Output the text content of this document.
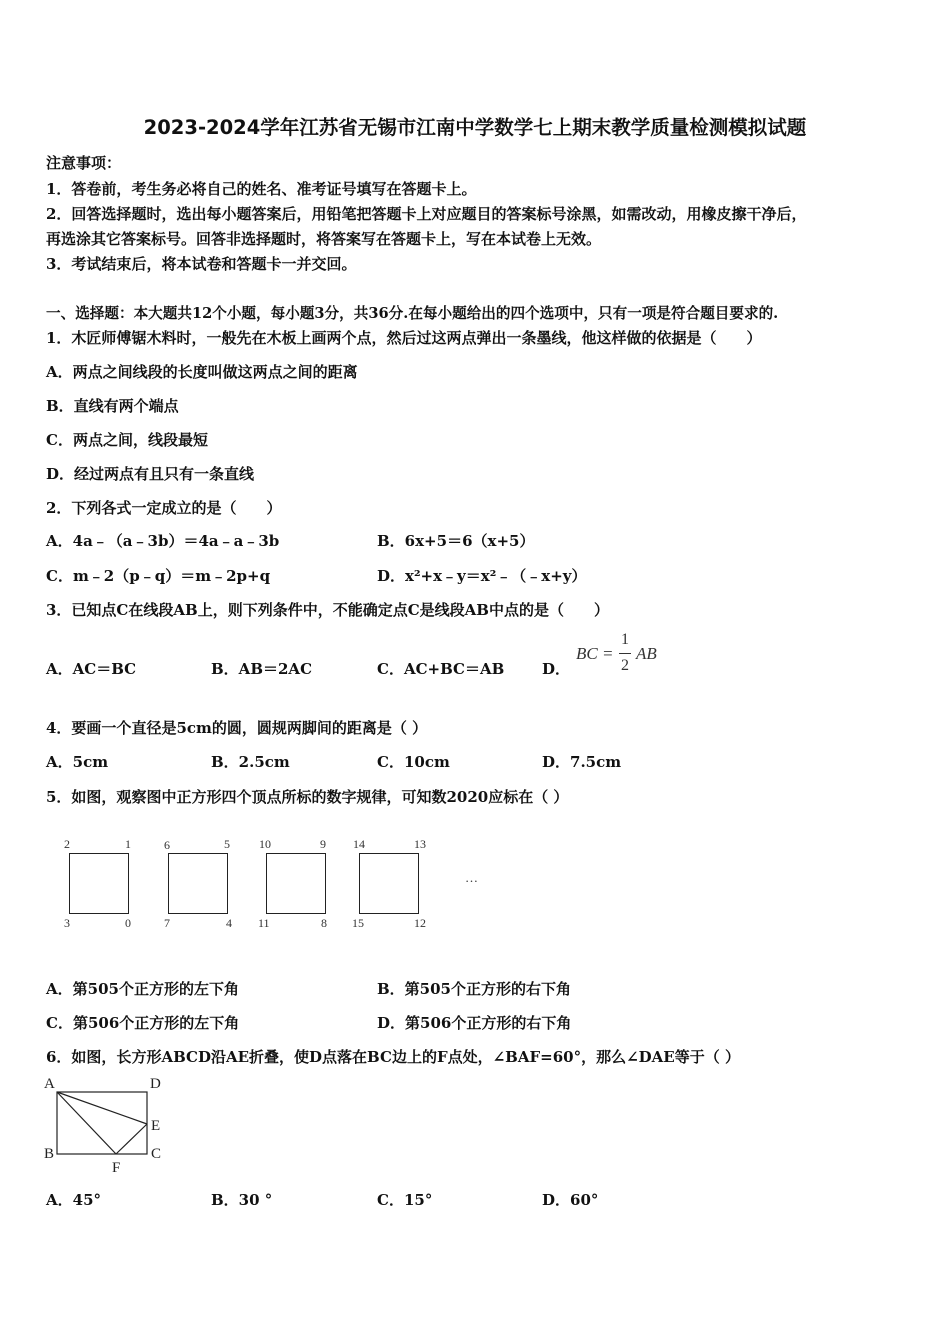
2023-2024学年江苏省无锡市江南中学数学七上期末教学质量检测模拟试题
注意事项：
1．答卷前，考生务必将自己的姓名、准考证号填写在答题卡上。
2．回答选择题时，选出每小题答案后，用铅笔把答题卡上对应题目的答案标号涂黑，如需改动，用橡皮擦干净后，
再选涂其它答案标号。回答非选择题时，将答案写在答题卡上，写在本试卷上无效。
3．考试结束后，将本试卷和答题卡一并交回。
一、选择题：本大题共12个小题，每小题3分，共36分.在每小题给出的四个选项中，只有一项是符合题目要求的.
1．木匠师傅锯木料时，一般先在木板上画两个点，然后过这两点弹出一条墨线，他这样做的依据是（　　）
A．两点之间线段的长度叫做这两点之间的距离
B．直线有两个端点
C．两点之间，线段最短
D．经过两点有且只有一条直线
2．下列各式一定成立的是（　　）
A．4a﹣（a﹣3b）＝4a﹣a﹣3b	B．6x+5＝6（x+5）
C．m﹣2（p﹣q）＝m﹣2p+q	D．x²+x﹣y＝x²﹣（﹣x+y）
3．已知点C在线段AB上，则下列条件中，不能确定点C是线段AB中点的是（　　）
A．AC＝BC	B．AB＝2AC	C．AC+BC＝AB	D．
BC =
1
2
AB
4．要画一个直径是5cm的圆，圆规两脚间的距离是（ ）
A．5cm	B．2.5cm	C．10cm	D．7.5cm
5．如图，观察图中正方形四个顶点所标的数字规律，可知数2020应标在（ ）
2	1
3	0
6	5
7	4
10	9
11	8
14	13
15	12
…
A．第505个正方形的左下角	B．第505个正方形的右下角
C．第506个正方形的左下角	D．第506个正方形的右下角
6．如图，长方形ABCD沿AE折叠，使D点落在BC边上的F点处，∠BAF=60°，那么∠DAE等于（ ）
A	D
E
B	C
F
A．45°	B．30 °	C．15°	D．60°
